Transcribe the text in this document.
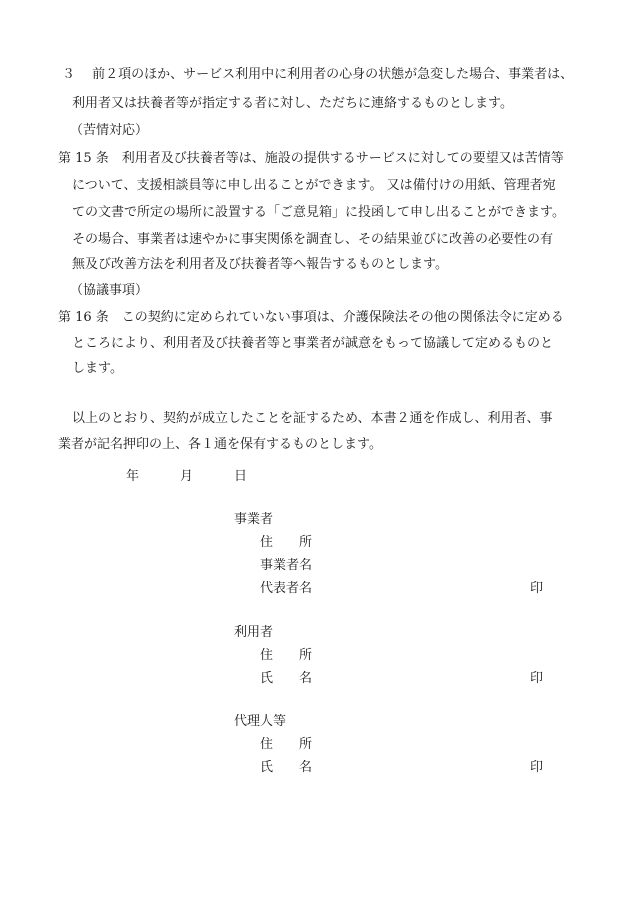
３　 前２項のほか、サービス利用中に利用者の心身の状態が急変した場合、事業者は、
利用者又は扶養者等が指定する者に対し、ただちに連絡するものとします。
（苦情対応）
第 15 条　利用者及び扶養者等は、施設の提供するサービスに対しての要望又は苦情等
について、支援相談員等に申し出ることができます。 又は備付けの用紙、管理者宛
ての文書で所定の場所に設置する「ご意見箱」に投函して申し出ることができます。
その場合、事業者は速やかに事実関係を調査し、その結果並びに改善の必要性の有
無及び改善方法を利用者及び扶養者等へ報告するものとします。
（協議事項）
第 16 条　この契約に定められていない事項は、介護保険法その他の関係法令に定める
ところにより、利用者及び扶養者等と事業者が誠意をもって協議して定めるものと
します。
以上のとおり、契約が成立したことを証するため、本書２通を作成し、利用者、事
業者が記名押印の上、各１通を保有するものとします。
年	月	日
事業者
住　　所
事業者名
代表者名	印
利用者
住　　所
氏　　名	印
代理人等
住　　所
氏　　名	印
